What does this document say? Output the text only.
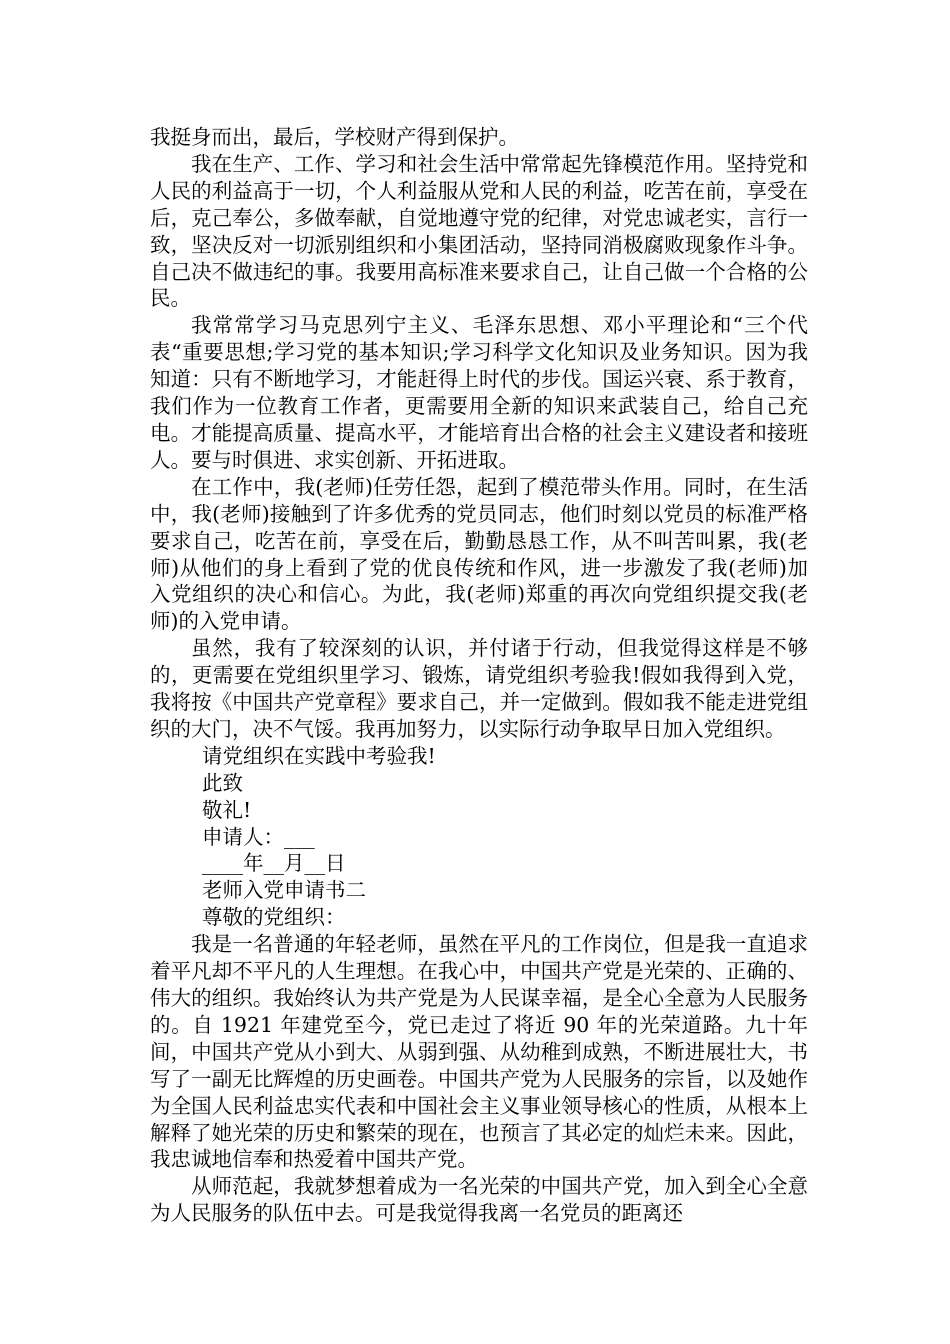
我挺身而出，最后，学校财产得到保护。

我在生产、工作、学习和社会生活中常常起先锋模范作用。坚持党和人民的利益高于一切，个人利益服从党和人民的利益，吃苦在前，享受在后，克己奉公，多做奉献，自觉地遵守党的纪律，对党忠诚老实，言行一致，坚决反对一切派别组织和小集团活动，坚持同消极腐败现象作斗争。自己决不做违纪的事。我要用高标准来要求自己，让自己做一个合格的公民。

我常常学习马克思列宁主义、毛泽东思想、邓小平理论和“三个代表“重要思想;学习党的基本知识;学习科学文化知识及业务知识。因为我知道：只有不断地学习，才能赶得上时代的步伐。国运兴衰、系于教育，我们作为一位教育工作者，更需要用全新的知识来武装自己，给自己充电。才能提高质量、提高水平，才能培育出合格的社会主义建设者和接班人。要与时俱进、求实创新、开拓进取。

在工作中，我(老师)任劳任怨，起到了模范带头作用。同时，在生活中，我(老师)接触到了许多优秀的党员同志，他们时刻以党员的标准严格要求自己，吃苦在前，享受在后，勤勤恳恳工作，从不叫苦叫累，我(老师)从他们的身上看到了党的优良传统和作风，进一步激发了我(老师)加入党组织的决心和信心。为此，我(老师)郑重的再次向党组织提交我(老师)的入党申请。

虽然，我有了较深刻的认识，并付诸于行动，但我觉得这样是不够的，更需要在党组织里学习、锻炼，请党组织考验我!假如我得到入党，我将按《中国共产党章程》要求自己，并一定做到。假如我不能走进党组织的大门，决不气馁。我再加努力，以实际行动争取早日加入党组织。

请党组织在实践中考验我!

此致

敬礼!

申请人：___

____年__月__日

老师入党申请书二

尊敬的党组织：

我是一名普通的年轻老师，虽然在平凡的工作岗位，但是我一直追求着平凡却不平凡的人生理想。在我心中，中国共产党是光荣的、正确的、伟大的组织。我始终认为共产党是为人民谋幸福，是全心全意为人民服务的。自 1921 年建党至今，党已走过了将近 90 年的光荣道路。九十年间，中国共产党从小到大、从弱到强、从幼稚到成熟，不断进展壮大，书写了一副无比辉煌的历史画卷。中国共产党为人民服务的宗旨，以及她作为全国人民利益忠实代表和中国社会主义事业领导核心的性质，从根本上解释了她光荣的历史和繁荣的现在，也预言了其必定的灿烂未来。因此，我忠诚地信奉和热爱着中国共产党。

从师范起，我就梦想着成为一名光荣的中国共产党，加入到全心全意为人民服务的队伍中去。可是我觉得我离一名党员的距离还
